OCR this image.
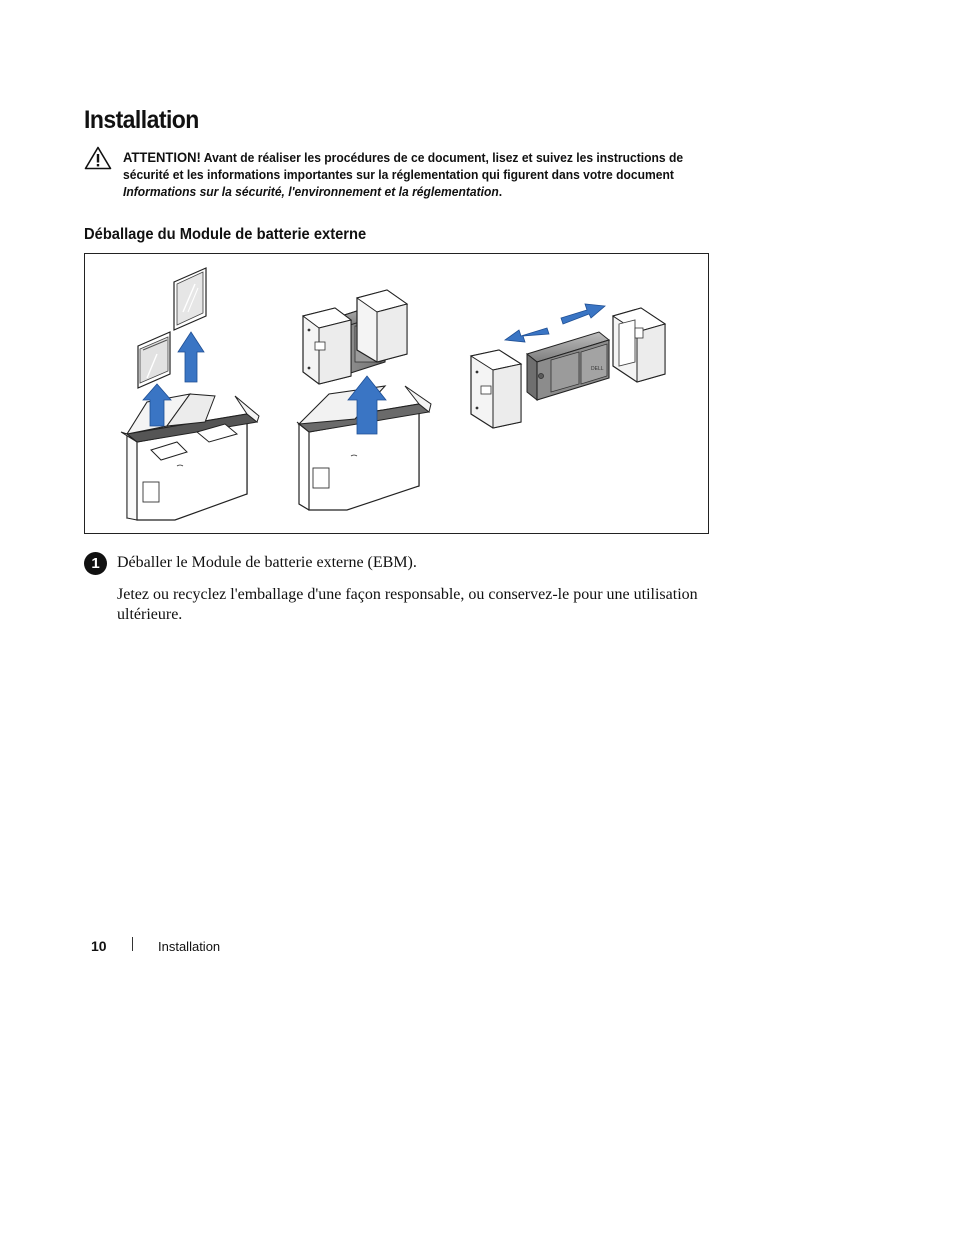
Installation
ATTENTION! Avant de réaliser les procédures de ce document, lisez et suivez les instructions de sécurité et les informations importantes sur la réglementation qui figurent dans votre document Informations sur la sécurité, l'environnement et la réglementation.
Déballage du Module de batterie externe
DELL
1	Déballer le Module de batterie externe (EBM).
Jetez ou recyclez l'emballage d'une façon responsable, ou conservez-le pour une utilisation ultérieure.
10	Installation
